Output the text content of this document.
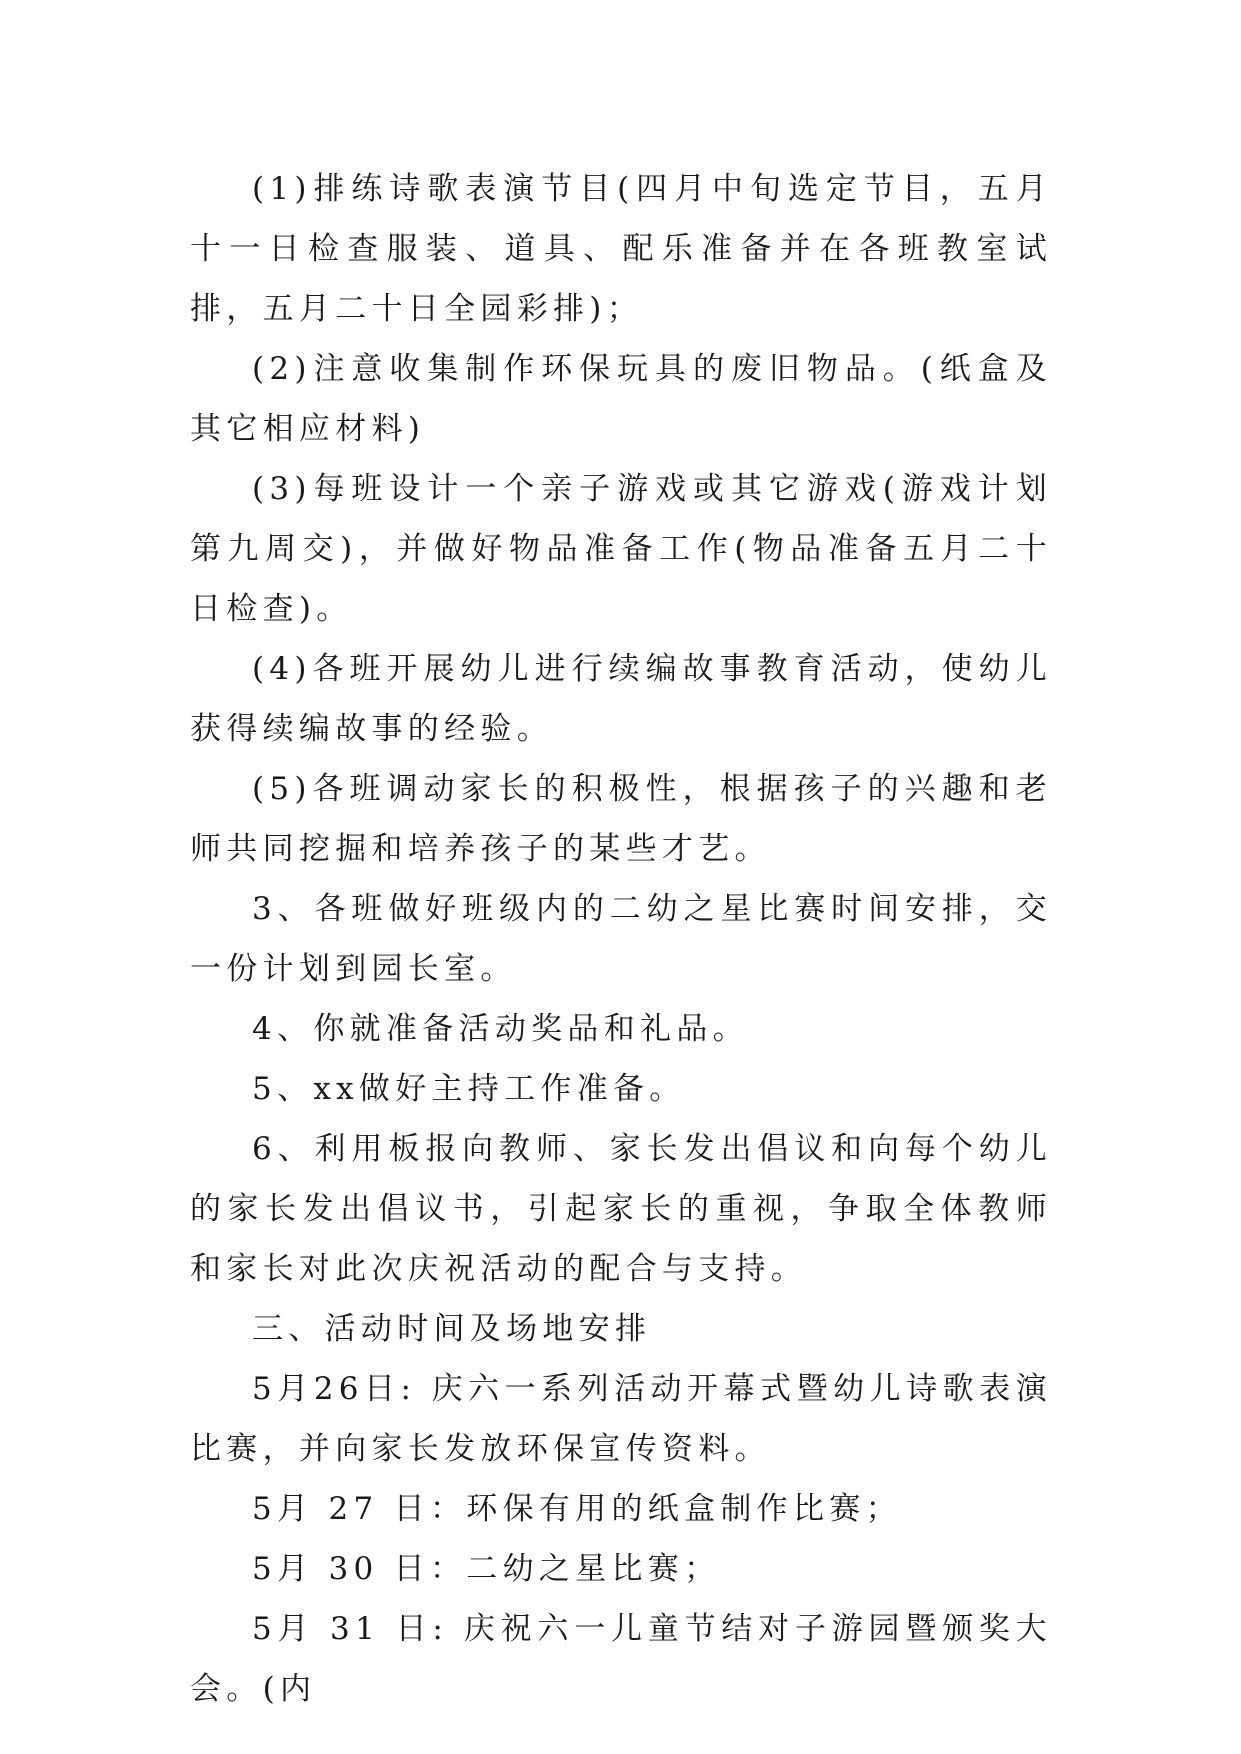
(1)排练诗歌表演节目(四月中旬选定节目，五月十一日检查服装、道具、配乐准备并在各班教室试排，五月二十日全园彩排)；

(2)注意收集制作环保玩具的废旧物品。(纸盒及其它相应材料)

(3)每班设计一个亲子游戏或其它游戏(游戏计划第九周交)，并做好物品准备工作(物品准备五月二十日检查)。

(4)各班开展幼儿进行续编故事教育活动，使幼儿获得续编故事的经验。

(5)各班调动家长的积极性，根据孩子的兴趣和老师共同挖掘和培养孩子的某些才艺。

3、各班做好班级内的二幼之星比赛时间安排，交一份计划到园长室。

4、你就准备活动奖品和礼品。

5、xx做好主持工作准备。

6、利用板报向教师、家长发出倡议和向每个幼儿的家长发出倡议书，引起家长的重视，争取全体教师和家长对此次庆祝活动的配合与支持。

三、活动时间及场地安排

5月26日: 庆六一系列活动开幕式暨幼儿诗歌表演比赛，并向家长发放环保宣传资料。

5月 27 日：环保有用的纸盒制作比赛；

5月 30 日：二幼之星比赛；

5月 31 日: 庆祝六一儿童节结对子游园暨颁奖大会。(内
